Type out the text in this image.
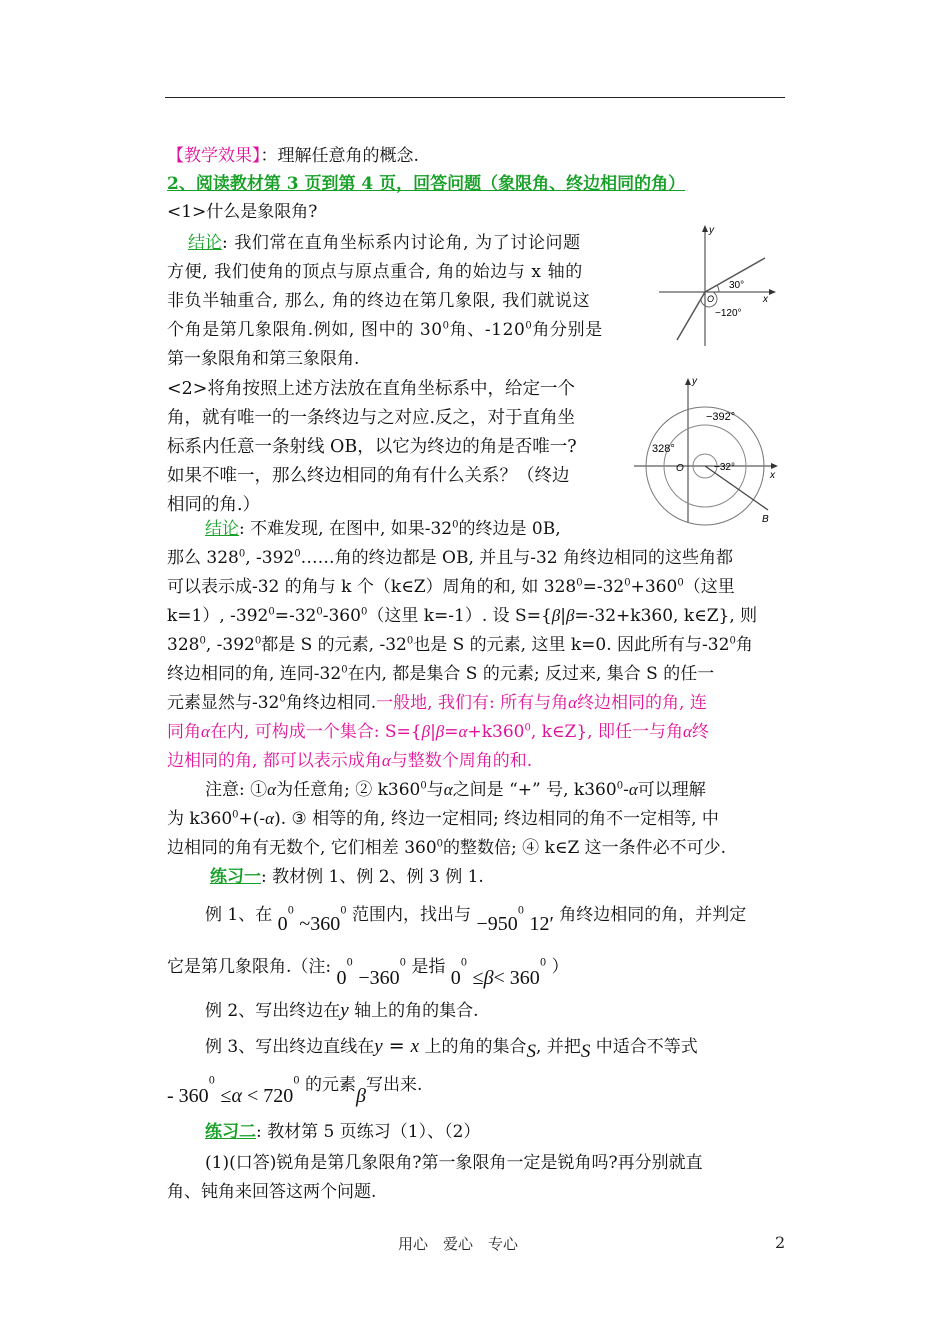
【教学效果】：理解任意角的概念.
2、阅读教材第 3 页到第 4 页，回答问题（象限角、终边相同的角）
<1>什么是象限角?
结论: 我们常在直角坐标系内讨论角, 为了讨论问题
方便, 我们使角的顶点与原点重合, 角的始边与 x 轴的
非负半轴重合, 那么, 角的终边在第几象限, 我们就说这
个角是第几象限角.例如, 图中的 $30^0$角、$-120^0$角分别是
第一象限角和第三象限角.
y
x
O
30°
−120°
<2>将角按照上述方法放在直角坐标系中，给定一个
角，就有唯一的一条终边与之对应.反之，对于直角坐
标系内任意一条射线 OB，以它为终边的角是否唯一?
如果不唯一，那么终边相同的角有什么关系？（终边
相同的角.）
y
x
O
−392°
328°
−32°
B
结论: 不难发现, 在图中, 如果$-32^0$的终边是 0B,
那么 $328^0$, $-392^0\dots\dots$角的终边都是 OB, 并且与-32 角终边相同的这些角都
可以表示成-32 的角与 k 个（k∈Z）周角的和, 如 $328^0=-32^0+360^0$（这里
k=1）, $-392^0=-32^0-360^0$（这里 k=-1）. 设 S={β|β=-32+k360, k∈Z}, 则
$328^0$, $-392^0$都是 S 的元素, $-32^0$也是 S 的元素, 这里 k=0. 因此所有与$-32^0$角
终边相同的角, 连同$-32^0$在内, 都是集合 S 的元素; 反过来, 集合 S 的任一
元素显然与$-32^0$角终边相同.一般地, 我们有: 所有与角α终边相同的角, 连
同角α在内, 可构成一个集合: $S=\{\beta|\beta=\alpha+k360^0$, k∈Z}, 即任一与角α终
边相同的角, 都可以表示成角α与整数个周角的和.
注意: ①α为任意角; ② $k360^0$与α之间是 “+” 号, $k360^0-\alpha$可以理解
为 $k360^0+(-\alpha)$. ③ 相等的角, 终边一定相同; 终边相同的角不一定相等, 中
边相同的角有无数个, 它们相差 $360^0$的整数倍; ④ k∈Z 这一条件必不可少.
练习一: 教材例 1、例 2、例 3 例 1.
例 1、在 $0^0$ $\sim 360^0$ 范围内，找出与 $-950^0$ 12′ 角终边相同的角，并判定
它是第几象限角.（注: $0^0 -360^0$ 是指 $0^0 \le\beta< 360^0$ ）
例 2、写出终边在y 轴上的角的集合.
例 3、写出终边直线在y = x 上的角的集合S, 并把S 中适合不等式
- $360^0 \le\alpha < 720^0$ 的元素β写出来.
练习二: 教材第 5 页练习（1）、（2）
(1)(口答)锐角是第几象限角?第一象限角一定是锐角吗?再分别就直
角、钝角来回答这两个问题.
用心　爱心　专心	2
